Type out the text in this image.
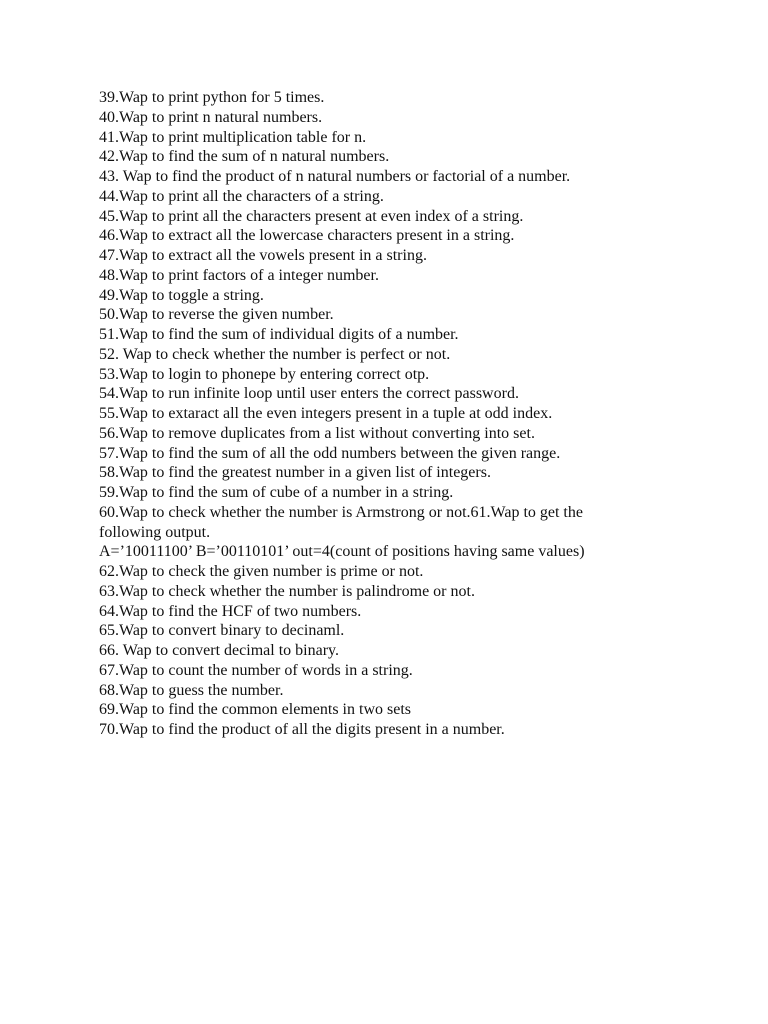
39.Wap to print python for 5 times.
40.Wap to print n natural numbers.
41.Wap to print multiplication table for n.
42.Wap to find the sum of n natural numbers.
43. Wap to find the product of n natural numbers or factorial of a number.
44.Wap to print all the characters of a string.
45.Wap to print all the characters present at even index of a string.
46.Wap to extract all the lowercase characters present in a string.
47.Wap to extract all the vowels present in a string.
48.Wap to print factors of a integer number.
49.Wap to toggle a string.
50.Wap to reverse the given number.
51.Wap to find the sum of individual digits of a number.
52. Wap to check whether the number is perfect or not.
53.Wap to login to phonepe by entering correct otp.
54.Wap to run infinite loop until user enters the correct password.
55.Wap to extaract all the even integers present in a tuple at odd index.
56.Wap to remove duplicates from a list without converting into set.
57.Wap to find the sum of all the odd numbers between the given range.
58.Wap to find the greatest number in a given list of integers.
59.Wap to find the sum of cube of a number in a string.
60.Wap to check whether the number is Armstrong or not.61.Wap to get the
following output.
A=’10011100’ B=’00110101’ out=4(count of positions having same values)
62.Wap to check the given number is prime or not.
63.Wap to check whether the number is palindrome or not.
64.Wap to find the HCF of two numbers.
65.Wap to convert binary to decinaml.
66. Wap to convert decimal to binary.
67.Wap to count the number of words in a string.
68.Wap to guess the number.
69.Wap to find the common elements in two sets
70.Wap to find the product of all the digits present in a number.
